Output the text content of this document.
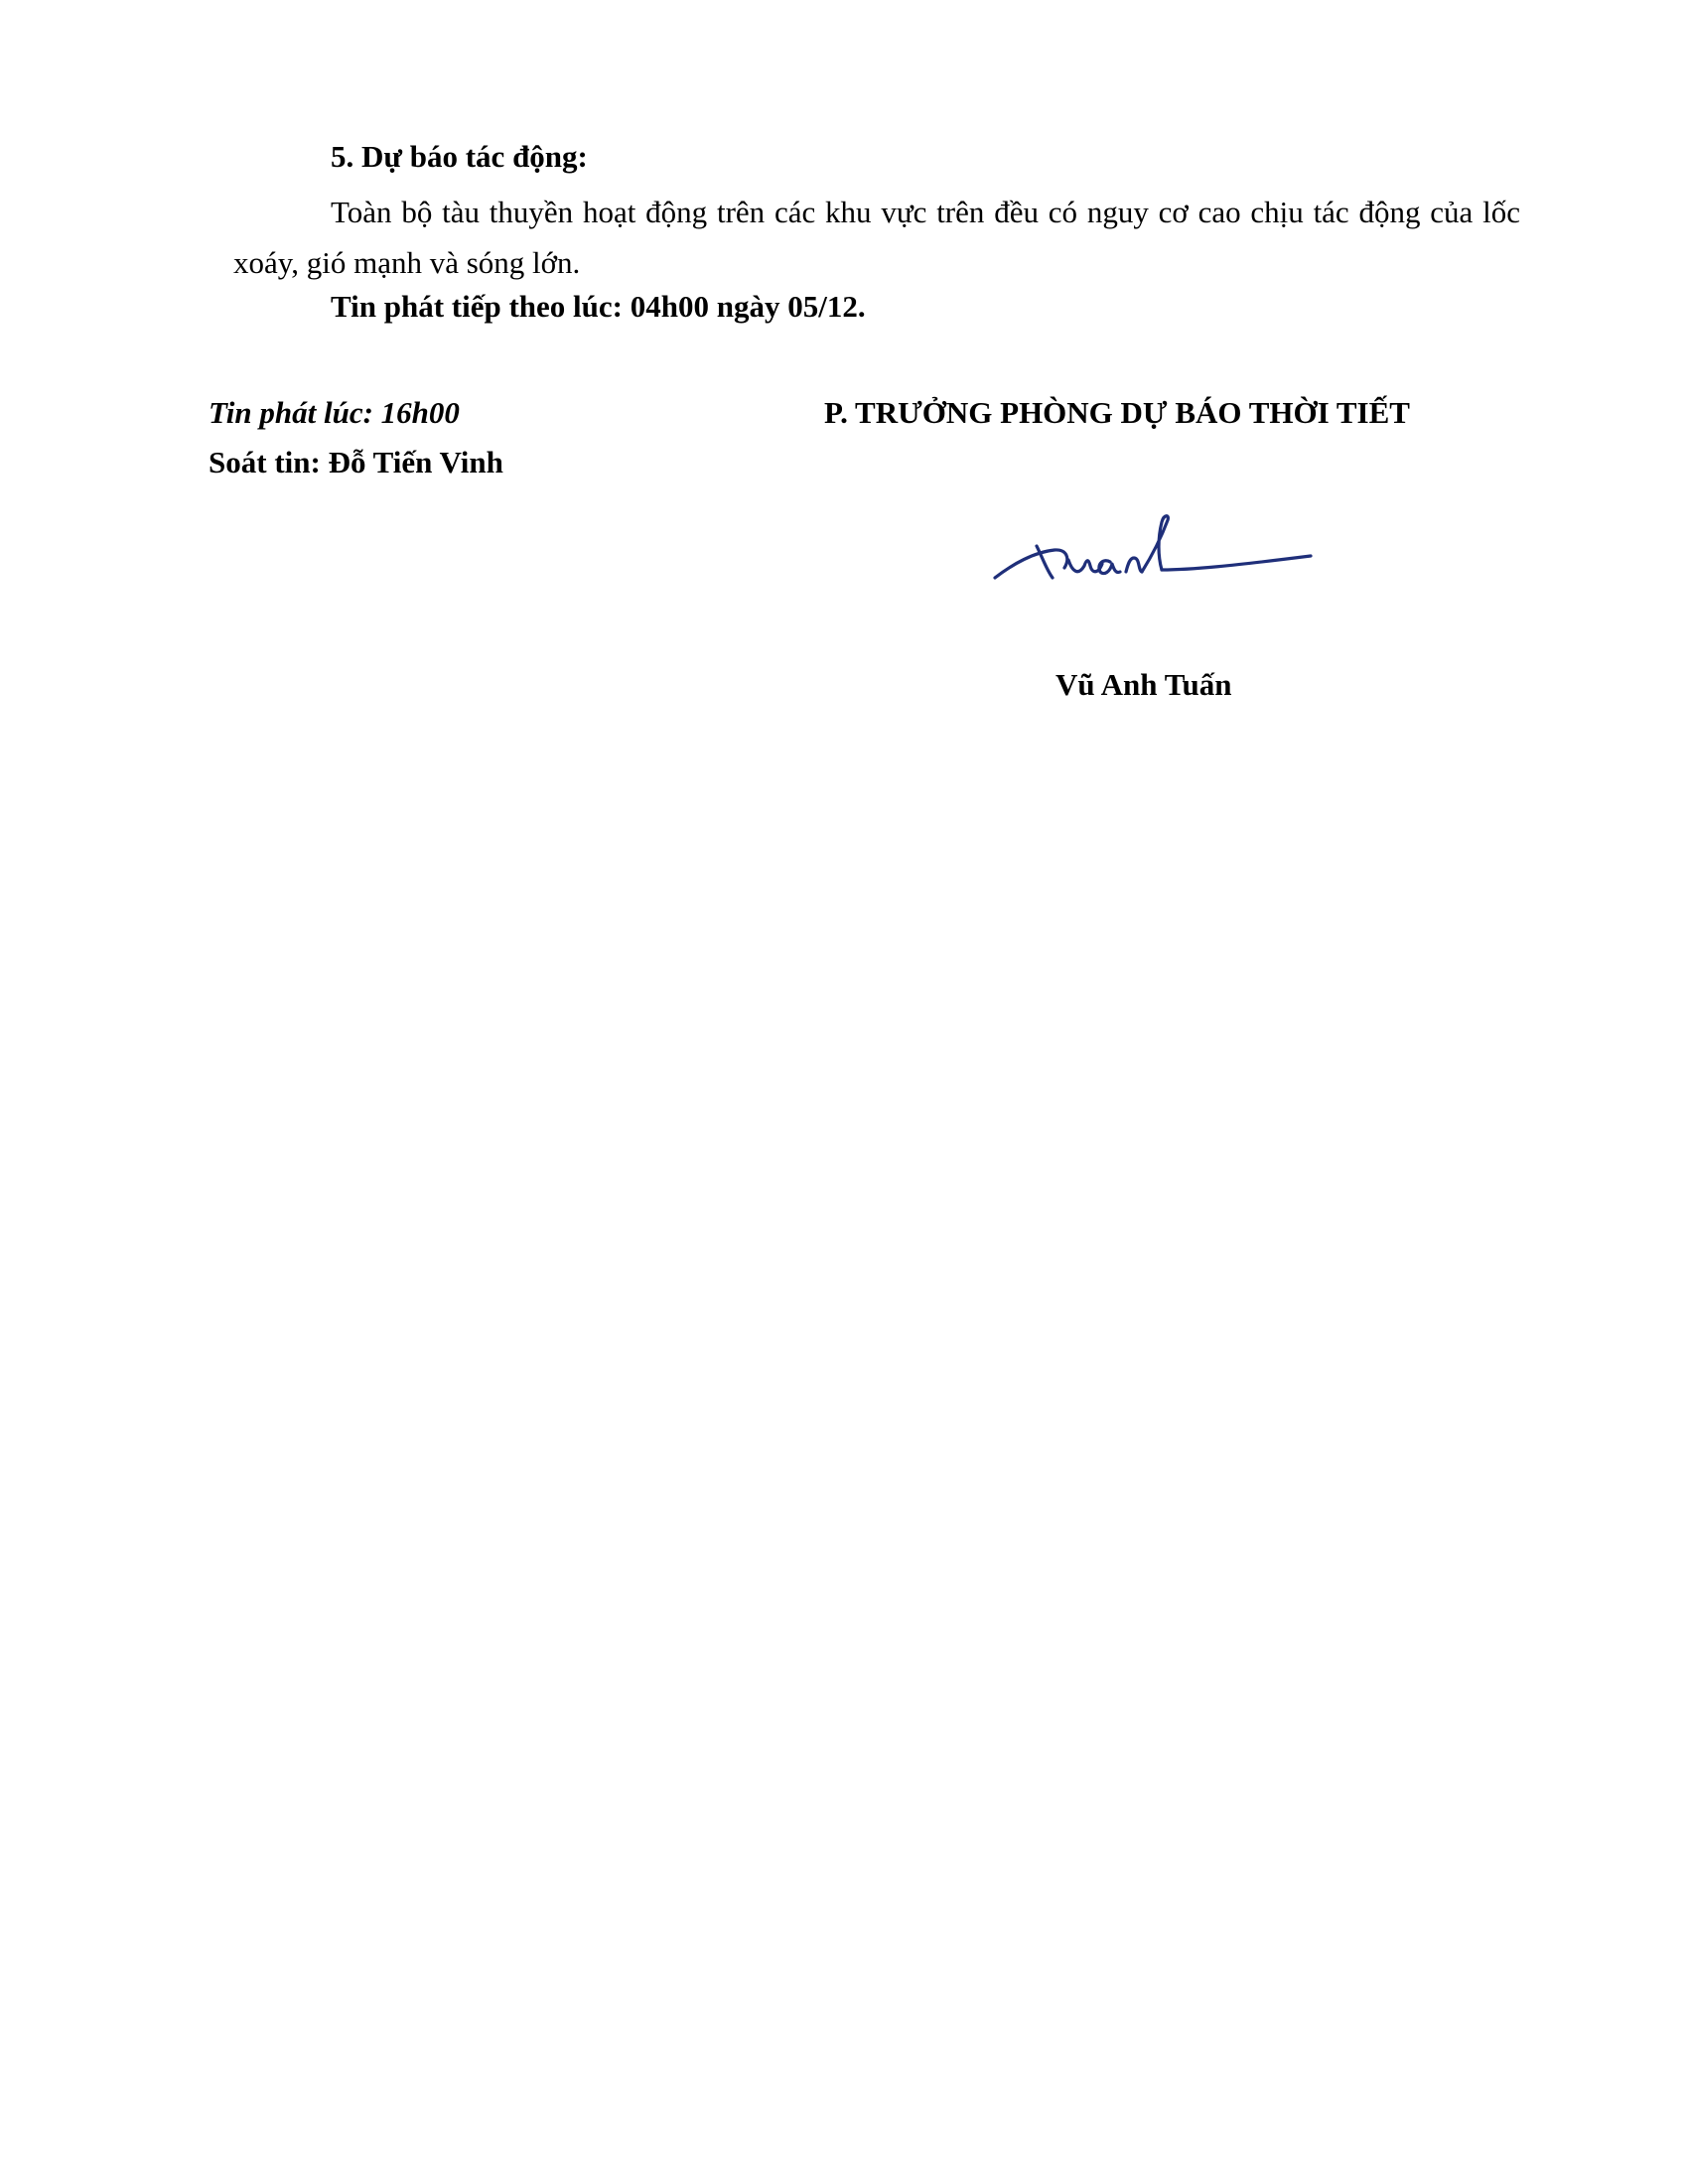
5. Dự báo tác động:
Toàn bộ tàu thuyền hoạt động trên các khu vực trên đều có nguy cơ cao chịu tác động của lốc xoáy, gió mạnh và sóng lớn.
Tin phát tiếp theo lúc: 04h00 ngày 05/12.
Tin phát lúc: 16h00
Soát tin: Đỗ Tiến Vinh
P. TRƯỞNG PHÒNG DỰ BÁO THỜI TIẾT
Vũ Anh Tuấn
